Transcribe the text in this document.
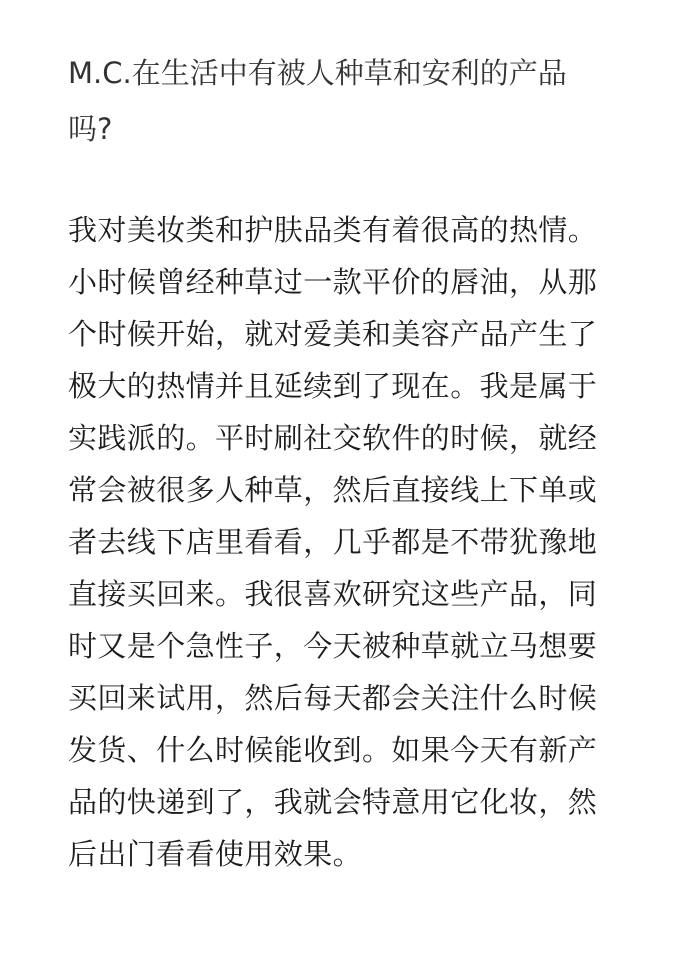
M.C.在生活中有被人种草和安利的产品
吗?

我对美妆类和护肤品类有着很高的热情。
小时候曾经种草过一款平价的唇油，从那
个时候开始，就对爱美和美容产品产生了
极大的热情并且延续到了现在。我是属于
实践派的。平时刷社交软件的时候，就经
常会被很多人种草，然后直接线上下单或
者去线下店里看看，几乎都是不带犹豫地
直接买回来。我很喜欢研究这些产品，同
时又是个急性子，今天被种草就立马想要
买回来试用，然后每天都会关注什么时候
发货、什么时候能收到。如果今天有新产
品的快递到了，我就会特意用它化妆，然
后出门看看使用效果。
